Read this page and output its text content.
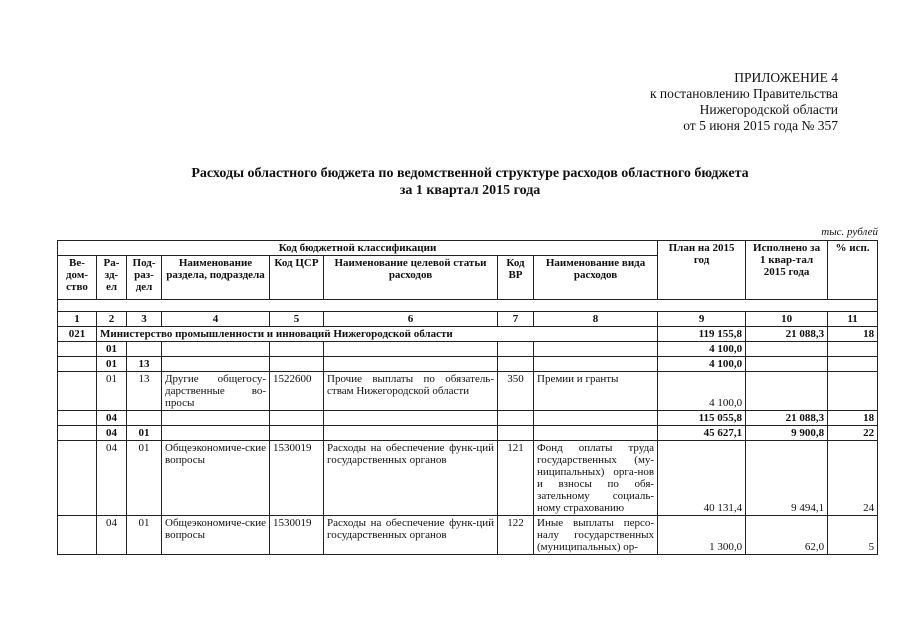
ПРИЛОЖЕНИЕ 4
к постановлению Правительства
Нижегородской области
от 5 июня 2015 года № 357
Расходы областного бюджета по ведомственной структуре расходов областного бюджета
за 1 квартал 2015 года
тыс. рублей
Код бюджетной классификации								План на 2015 год	Исполнено за 1 квар-тал 2015 года	% исп.
Ве-дом-ство	Ра-зд-ел	Под-раз-дел	Наименование раздела, подраздела	Код ЦСР	Наименование целевой статьи расходов	Код ВР	Наименование вида расходов			

1	2	3	4	5	6	7	8	9	10	11
021	Министерство промышленности и инноваций Нижегородской области							119 155,8	21 088,3	18
	01							4 100,0		
	01	13						4 100,0		
	01	13	Другие общегосу-дарственные во-просы	1522600	Прочие выплаты по обязатель-ствам Нижегородской области	350	Премии и гранты	4 100,0		
	04							115 055,8	21 088,3	18
	04	01						45 627,1	9 900,8	22
	04	01	Общеэкономиче-ские вопросы	1530019	Расходы на обеспечение функ-ций государственных органов	121	Фонд оплаты труда государственных (му-ниципальных) орга-нов и взносы по обя-зательному социаль-ному страхованию	40 131,4	9 494,1	24
	04	01	Общеэкономиче-ские вопросы	1530019	Расходы на обеспечение функ-ций государственных органов	122	Иные выплаты персо-налу государственных (муниципальных) ор-	1 300,0	62,0	5
